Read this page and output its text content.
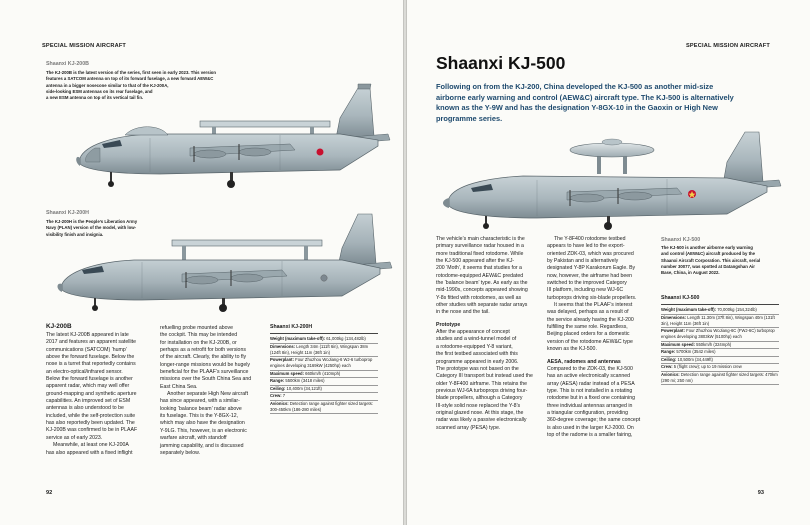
SPECIAL MISSION AIRCRAFT
Shaanxi KJ-200B
The KJ-200B is the latest version of the series, first seen in early 2023. This version
features a SATCOM antenna on top of its forward fuselage, a new forward AEW&C
antenna in a bigger nosecone similar to that of the KJ-200A,
side-looking ESM antennas on its rear fuselage, and
a new ESM antenna on top of its vertical tail fin.
Shaanxi KJ-200H
The KJ-200H is the People’s Liberation Army
Navy (PLAN) version of the model, with low-
visibility finish and insignia.
KJ-200B
The latest KJ-200B appeared in late
2017 and features an apparent satellite
communications (SATCOM) ‘hump’
above the forward fuselage. Below the
nose is a turret that reportedly contains
an electro-optical/infrared sensor.
Below the forward fuselage is another
apparent radar, which may well offer
ground-mapping and synthetic aperture
capabilities. An improved set of ESM
antennas is also understood to be
included, while the self-protection suite
has also reportedly been updated. The
KJ-200B was confirmed to be in PLAAF
service as of early 2023.
Meanwhile, at least one KJ-200A
has also appeared with a fixed inflight
refuelling probe mounted above
the cockpit. This may be intended
for installation on the KJ-200B, or
perhaps as a retrofit for both versions
of the aircraft. Clearly, the ability to fly
longer-range missions would be hugely
beneficial for the PLAAF’s surveillance
missions over the South China Sea and
East China Sea.
Another separate High New aircraft
has since appeared, with a similar-
looking ‘balance beam’ radar above
its fuselage. This is the Y-8GX-12,
which may also have the designation
Y-9LG. This, however, is an electronic
warfare aircraft, with standoff
jamming capability, and is discussed
separately below.
Shaanxi KJ-200H
Weight (maximum take-off): 61,000kg (134,482lb)
Dimensions: Length 34m (111ft 6in), Wingspan 38m (124ft 8in), Height 11m (36ft 1in)
Powerplant: Four Zhuzhou WoJiang-6 WJ-6 turboprop engines developing 3169kW (4250hp) each
Maximum speed: 660km/h (410mph)
Range: 5500km (3418 miles)
Ceiling: 10,400m (34,121ft)
Crew: 7
Avionics: Detection range against fighter sized targets: 300-450km (186-280 miles)
92
SPECIAL MISSION AIRCRAFT
Shaanxi KJ-500
Following on from the KJ-200, China developed the KJ-500 as another mid-size
airborne early warning and control (AEW&C) aircraft type. The KJ-500 is alternatively
known as the Y-9W and has the designation Y-8GX-10 in the Gaoxin or High New
programme series.
Shaanxi KJ-500
The KJ-500 is another airborne early warning
and control (AEW&C) aircraft produced by the
Shaanxi Aircraft Corporation. This aircraft, serial
number 30077, was spotted at Datangshan Air
Base, China, in August 2022.
The vehicle’s main characteristic is the
primary surveillance radar housed in a
more traditional fixed rotodome. While
the KJ-500 appeared after the KJ-
200 ‘Moth’, it seems that studies for a
rotodome-equipped AEW&C predated
the ‘balance beam’ type. As early as the
mid-1990s, concepts appeared showing
Y-8s fitted with rotodomes, as well as
other studies with separate radar arrays
in the nose and the tail.
Prototype
After the appearance of concept
studies and a wind-tunnel model of
a rotodome-equipped Y-8 variant,
the first testbed associated with this
programme appeared in early 2006.
The prototype was not based on the
Category III transport but instead used the
older Y-8F400 airframe. This retains the
previous WJ-6A turboprops driving four-
blade propellers, although a Category
III-style solid nose replaced the Y-8’s
original glazed nose. At this stage, the
radar was likely a passive electronically
scanned array (PESA) type.
The Y-8F400 rotodome testbed
appears to have led to the export-
oriented ZDK-03, which was procured
by Pakistan and is alternatively
designated Y-8P Karakorum Eagle. By
now, however, the airframe had been
switched to the improved Category
III platform, including new WJ-6C
turboprops driving six-blade propellers.
It seems that the PLAAF’s interest
was delayed, perhaps as a result of
the service already having the KJ-200
fulfilling the same role. Regardless,
Beijing placed orders for a domestic
version of the rotodome AEW&C type
known as the KJ-500.
AESA, radomes and antennas
Compared to the ZDK-03, the KJ-500
has an active electronically scanned
array (AESA) radar instead of a PESA
type. This is not installed in a rotating
rotodome but in a fixed one containing
three individual antennas arranged in
a triangular configuration, providing
360-degree coverage; the same concept
is also used in the larger KJ-2000. On
top of the radome is a smaller fairing,
Shaanxi KJ-500
Weight (maximum take-off): 70,000kg (154,324lb)
Dimensions: Length 11.30m (37ft 8in), Wingspan 40m (131ft 3in), Height 11m (36ft 1in)
Powerplant: Four Zhuzhou WoJiang-6C (FWJ-6C) turboprop engines developing 3803kW (5100hp) each
Maximum speed: 550km/h (324mph)
Range: 5700km (3542 miles)
Ceiling: 10,500m (34,449ft)
Crew: 5 (flight crew); up to 19 mission crew
Avionics: Detection range against fighter sized targets: 470km (290 mi; 250 nm)
93
